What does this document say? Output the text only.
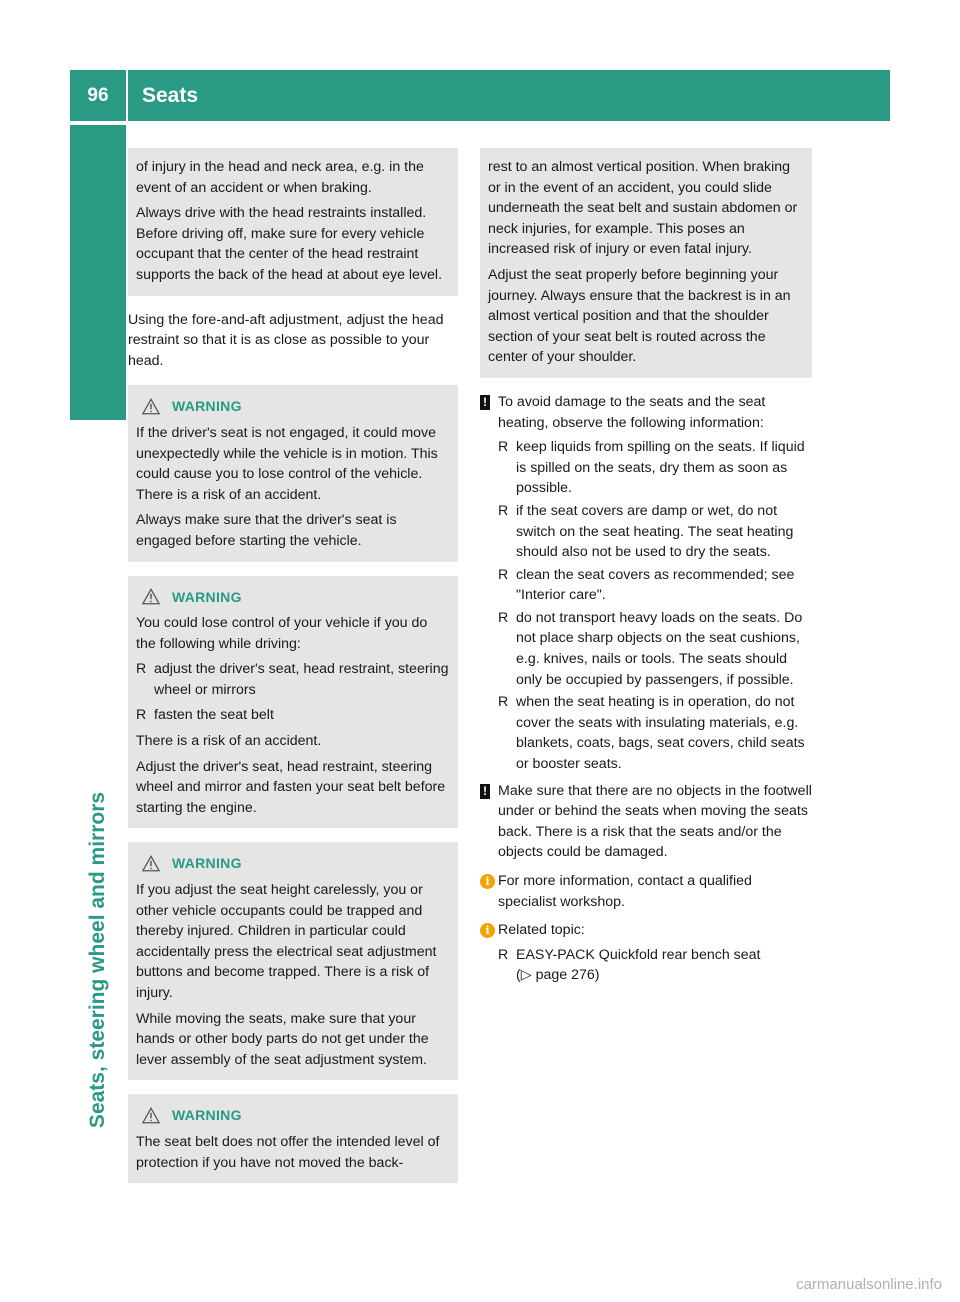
96	Seats
Seats, steering wheel and mirrors

of injury in the head and neck area, e.g. in the event of an accident or when braking.

Always drive with the head restraints installed. Before driving off, make sure for every vehicle occupant that the center of the head restraint supports the back of the head at about eye level.

Using the fore-and-aft adjustment, adjust the head restraint so that it is as close as possible to your head.

WARNING

If the driver's seat is not engaged, it could move unexpectedly while the vehicle is in motion. This could cause you to lose control of the vehicle. There is a risk of an accident.

Always make sure that the driver's seat is engaged before starting the vehicle.

WARNING

You could lose control of your vehicle if you do the following while driving:

R adjust the driver's seat, head restraint, steering wheel or mirrors
R fasten the seat belt

There is a risk of an accident.

Adjust the driver's seat, head restraint, steering wheel and mirror and fasten your seat belt before starting the engine.

WARNING

If you adjust the seat height carelessly, you or other vehicle occupants could be trapped and thereby injured. Children in particular could accidentally press the electrical seat adjustment buttons and become trapped. There is a risk of injury.

While moving the seats, make sure that your hands or other body parts do not get under the lever assembly of the seat adjustment system.

WARNING

The seat belt does not offer the intended level of protection if you have not moved the back-

rest to an almost vertical position. When braking or in the event of an accident, you could slide underneath the seat belt and sustain abdomen or neck injuries, for example. This poses an increased risk of injury or even fatal injury.

Adjust the seat properly before beginning your journey. Always ensure that the backrest is in an almost vertical position and that the shoulder section of your seat belt is routed across the center of your shoulder.

! To avoid damage to the seats and the seat heating, observe the following information:
R keep liquids from spilling on the seats. If liquid is spilled on the seats, dry them as soon as possible.
R if the seat covers are damp or wet, do not switch on the seat heating. The seat heating should also not be used to dry the seats.
R clean the seat covers as recommended; see "Interior care".
R do not transport heavy loads on the seats. Do not place sharp objects on the seat cushions, e.g. knives, nails or tools. The seats should only be occupied by passengers, if possible.
R when the seat heating is in operation, do not cover the seats with insulating materials, e.g. blankets, coats, bags, seat covers, child seats or booster seats.
! Make sure that there are no objects in the footwell under or behind the seats when moving the seats back. There is a risk that the seats and/or the objects could be damaged.
i For more information, contact a qualified specialist workshop.
i Related topic:
R EASY-PACK Quickfold rear bench seat
(▷ page 276)
carmanualsonline.info
